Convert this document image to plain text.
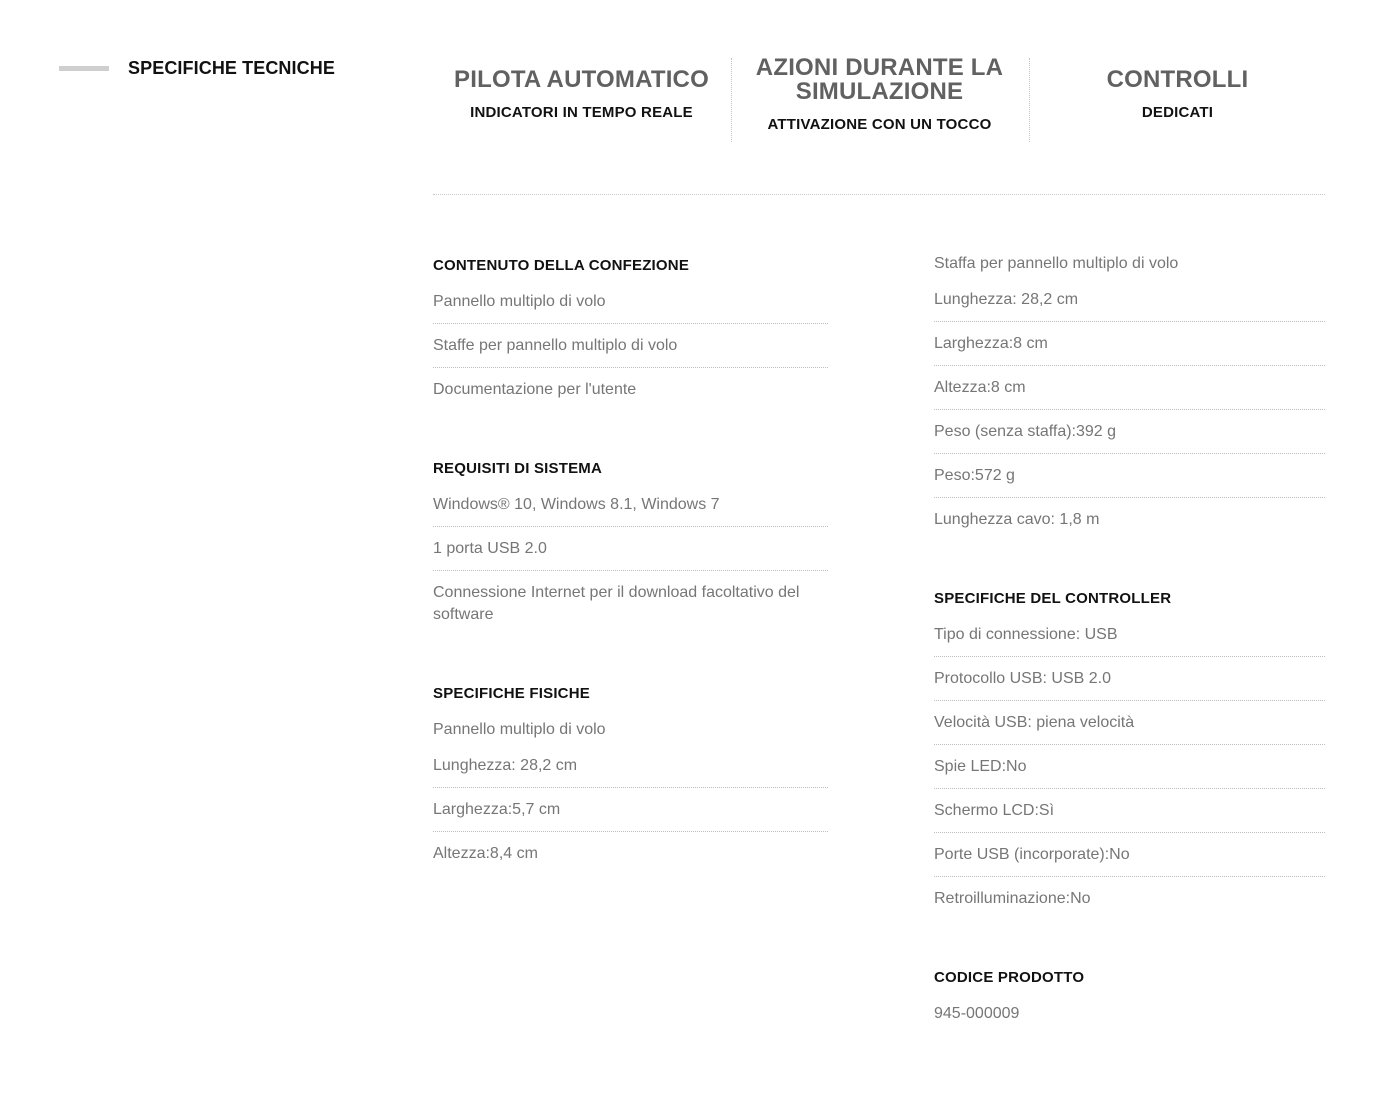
SPECIFICHE TECNICHE	PILOTA AUTOMATICO
INDICATORI IN TEMPO REALE
AZIONI DURANTE LA SIMULAZIONE
ATTIVAZIONE CON UN TOCCO
CONTROLLI
DEDICATI
CONTENUTO DELLA CONFEZIONE
Pannello multiplo di volo
Staffe per pannello multiplo di volo
Documentazione per l'utente
REQUISITI DI SISTEMA
Windows® 10, Windows 8.1, Windows 7
1 porta USB 2.0
Connessione Internet per il download facoltativo del software
SPECIFICHE FISICHE
Pannello multiplo di volo
Lunghezza: 28,2 cm
Larghezza:5,7 cm
Altezza:8,4 cm
Staffa per pannello multiplo di volo
Lunghezza: 28,2 cm
Larghezza:8 cm
Altezza:8 cm
Peso (senza staffa):392 g
Peso:572 g
Lunghezza cavo: 1,8 m
SPECIFICHE DEL CONTROLLER
Tipo di connessione: USB
Protocollo USB: USB 2.0
Velocità USB: piena velocità
Spie LED:No
Schermo LCD:Sì
Porte USB (incorporate):No
Retroilluminazione:No
CODICE PRODOTTO
945-000009
